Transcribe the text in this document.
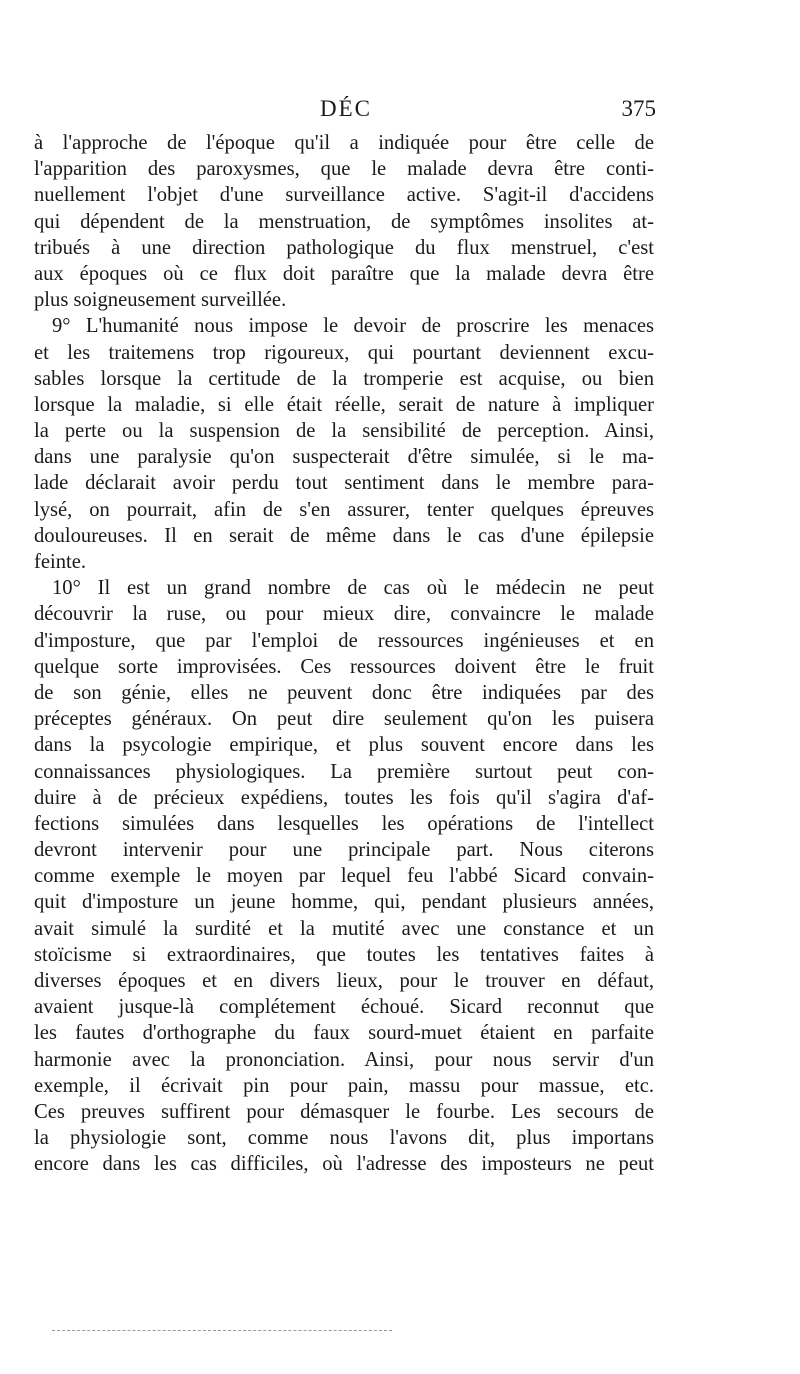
DÉC	375
à l'approche de l'époque qu'il a indiquée pour être celle de
l'apparition des paroxysmes, que le malade devra être conti-
nuellement l'objet d'une surveillance active. S'agit-il d'accidens
qui dépendent de la menstruation, de symptômes insolites at-
tribués à une direction pathologique du flux menstruel, c'est
aux époques où ce flux doit paraître que la malade devra être
plus soigneusement surveillée.
9° L'humanité nous impose le devoir de proscrire les menaces
et les traitemens trop rigoureux, qui pourtant deviennent excu-
sables lorsque la certitude de la tromperie est acquise, ou bien
lorsque la maladie, si elle était réelle, serait de nature à impliquer
la perte ou la suspension de la sensibilité de perception. Ainsi,
dans une paralysie qu'on suspecterait d'être simulée, si le ma-
lade déclarait avoir perdu tout sentiment dans le membre para-
lysé, on pourrait, afin de s'en assurer, tenter quelques épreuves
douloureuses. Il en serait de même dans le cas d'une épilepsie
feinte.
10° Il est un grand nombre de cas où le médecin ne peut
découvrir la ruse, ou pour mieux dire, convaincre le malade
d'imposture, que par l'emploi de ressources ingénieuses et en
quelque sorte improvisées. Ces ressources doivent être le fruit
de son génie, elles ne peuvent donc être indiquées par des
préceptes généraux. On peut dire seulement qu'on les puisera
dans la psycologie empirique, et plus souvent encore dans les
connaissances physiologiques. La première surtout peut con-
duire à de précieux expédiens, toutes les fois qu'il s'agira d'af-
fections simulées dans lesquelles les opérations de l'intellect
devront intervenir pour une principale part. Nous citerons
comme exemple le moyen par lequel feu l'abbé Sicard convain-
quit d'imposture un jeune homme, qui, pendant plusieurs années,
avait simulé la surdité et la mutité avec une constance et un
stoïcisme si extraordinaires, que toutes les tentatives faites à
diverses époques et en divers lieux, pour le trouver en défaut,
avaient jusque-là complétement échoué. Sicard reconnut que
les fautes d'orthographe du faux sourd-muet étaient en parfaite
harmonie avec la prononciation. Ainsi, pour nous servir d'un
exemple, il écrivait pin pour pain, massu pour massue, etc.
Ces preuves suffirent pour démasquer le fourbe. Les secours de
la physiologie sont, comme nous l'avons dit, plus importans
encore dans les cas difficiles, où l'adresse des imposteurs ne peut
